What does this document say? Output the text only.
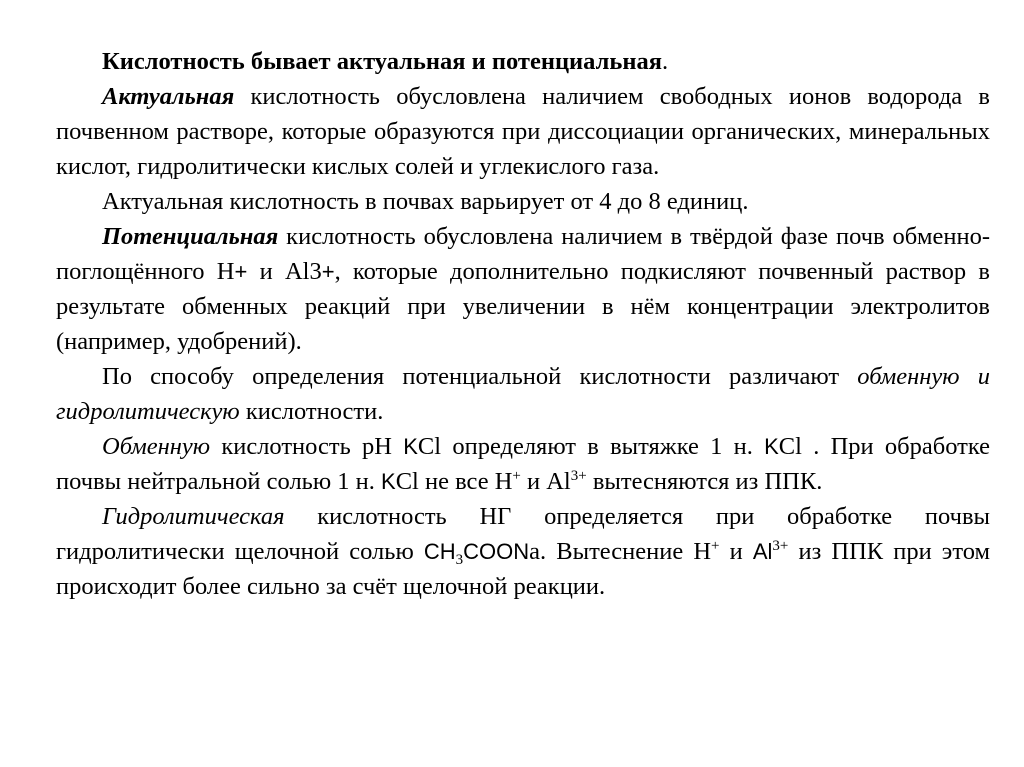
Кислотность бывает актуальная и потенциальная.

Актуальная кислотность обусловлена наличием свободных ионов водорода в почвенном растворе, которые образуются при диссоциации органических, минеральных кислот, гидролитически кислых солей и углекислого газа.

Актуальная кислотность в почвах варьирует от 4 до 8 единиц.

Потенциальная кислотность обусловлена наличием в твёрдой фазе почв обменно-поглощённого Н+ и Al3+, которые дополнительно подкисляют почвенный раствор в результате обменных реакций при увеличении в нём концентрации электролитов (например, удобрений).

По способу определения потенциальной кислотности различают обменную и гидролитическую кислотности.

Обменную кислотность рН KCl определяют в вытяжке 1 н. KCl . При обработке почвы нейтральной солью 1 н. KCl не все Н+ и $Al^{3+}$ вытесняются из ППК.

Гидролитическая кислотность НГ определяется при обработке почвы гидролитически щелочной солью $CH_3COONa$. Вытеснение Н+ и $Al^{3+}$ из ППК при этом происходит более сильно за счёт щелочной реакции.
